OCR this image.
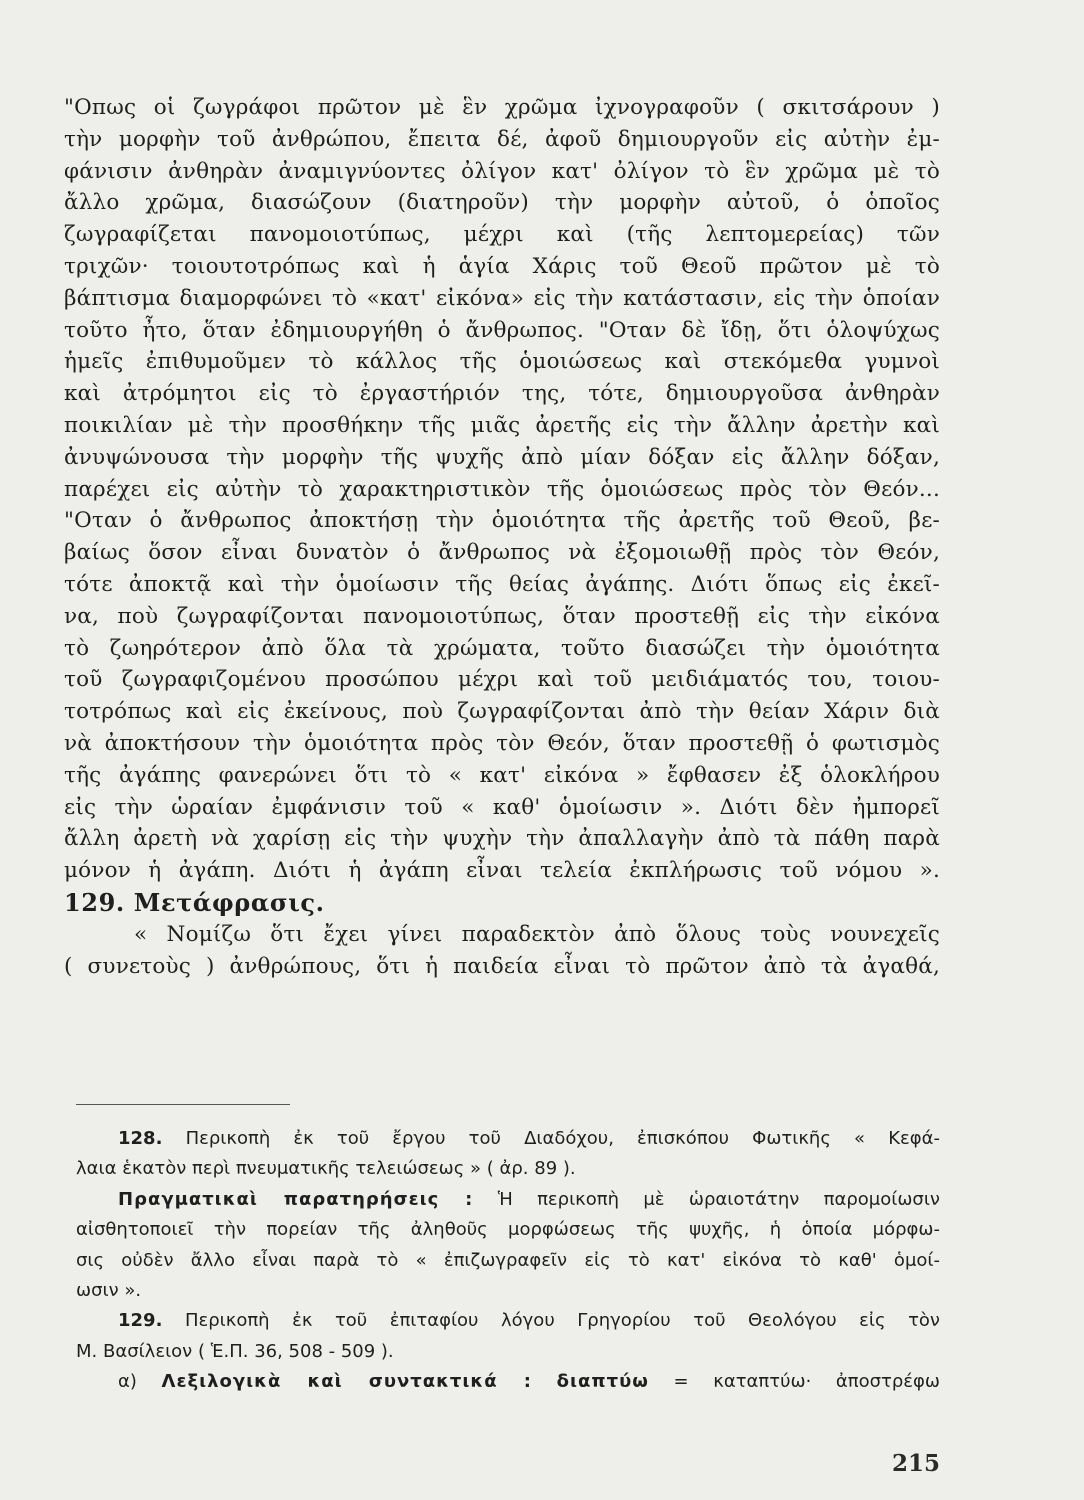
"Οπως οἱ ζωγράφοι πρῶτον μὲ ἓν χρῶμα ἰχνογραφοῦν ( σκιτσάρουν )
τὴν μορφὴν τοῦ ἀνθρώπου, ἔπειτα δέ, ἀφοῦ δημιουργοῦν εἰς αὐτὴν ἐμ-
φάνισιν ἀνθηρὰν ἀναμιγνύοντες ὀλίγον κατ' ὀλίγον τὸ ἓν χρῶμα μὲ τὸ
ἄλλο χρῶμα, διασώζουν (διατηροῦν) τὴν μορφὴν αὐτοῦ, ὁ ὁποῖος
ζωγραφίζεται πανομοιοτύπως, μέχρι καὶ (τῆς λεπτομερείας) τῶν
τριχῶν· τοιουτοτρόπως καὶ ἡ ἁγία Χάρις τοῦ Θεοῦ πρῶτον μὲ τὸ
βάπτισμα διαμορφώνει τὸ «κατ' εἰκόνα» εἰς τὴν κατάστασιν, εἰς τὴν ὁποίαν
τοῦτο ἦτο, ὅταν ἐδημιουργήθη ὁ ἄνθρωπος. "Οταν δὲ ἴδῃ, ὅτι ὁλοψύχως
ἡμεῖς ἐπιθυμοῦμεν τὸ κάλλος τῆς ὁμοιώσεως καὶ στεκόμεθα γυμνοὶ
καὶ ἀτρόμητοι εἰς τὸ ἐργαστήριόν της, τότε, δημιουργοῦσα ἀνθηρὰν
ποικιλίαν μὲ τὴν προσθήκην τῆς μιᾶς ἀρετῆς εἰς τὴν ἄλλην ἀρετὴν καὶ
ἀνυψώνουσα τὴν μορφὴν τῆς ψυχῆς ἀπὸ μίαν δόξαν εἰς ἄλλην δόξαν,
παρέχει εἰς αὐτὴν τὸ χαρακτηριστικὸν τῆς ὁμοιώσεως πρὸς τὸν Θεόν...
"Οταν ὁ ἄνθρωπος ἀποκτήσῃ τὴν ὁμοιότητα τῆς ἀρετῆς τοῦ Θεοῦ, βε-
βαίως ὅσον εἶναι δυνατὸν ὁ ἄνθρωπος νὰ ἐξομοιωθῇ πρὸς τὸν Θεόν,
τότε ἀποκτᾷ καὶ τὴν ὁμοίωσιν τῆς θείας ἀγάπης. Διότι ὅπως εἰς ἐκεῖ-
να, ποὺ ζωγραφίζονται πανομοιοτύπως, ὅταν προστεθῇ εἰς τὴν εἰκόνα
τὸ ζωηρότερον ἀπὸ ὅλα τὰ χρώματα, τοῦτο διασώζει τὴν ὁμοιότητα
τοῦ ζωγραφιζομένου προσώπου μέχρι καὶ τοῦ μειδιάματός του, τοιου-
τοτρόπως καὶ εἰς ἐκείνους, ποὺ ζωγραφίζονται ἀπὸ τὴν θείαν Χάριν διὰ
νὰ ἀποκτήσουν τὴν ὁμοιότητα πρὸς τὸν Θεόν, ὅταν προστεθῇ ὁ φωτισμὸς
τῆς ἀγάπης φανερώνει ὅτι τὸ « κατ' εἰκόνα » ἔφθασεν ἐξ ὁλοκλήρου
εἰς τὴν ὡραίαν ἐμφάνισιν τοῦ « καθ' ὁμοίωσιν ». Διότι δὲν ἠμπορεῖ
ἄλλη ἀρετὴ νὰ χαρίσῃ εἰς τὴν ψυχὴν τὴν ἀπαλλαγὴν ἀπὸ τὰ πάθη παρὰ
μόνον ἡ ἀγάπη. Διότι ἡ ἀγάπη εἶναι τελεία ἐκπλήρωσις τοῦ νόμου ».
129. Μετάφρασις.
« Νομίζω ὅτι ἔχει γίνει παραδεκτὸν ἀπὸ ὅλους τοὺς νουνεχεῖς
( συνετοὺς ) ἀνθρώπους, ὅτι ἡ παιδεία εἶναι τὸ πρῶτον ἀπὸ τὰ ἀγαθά,
128. Περικοπὴ ἐκ τοῦ ἔργου τοῦ Διαδόχου, ἐπισκόπου Φωτικῆς « Κεφά-
λαια ἑκατὸν περὶ πνευματικῆς τελειώσεως » ( ἀρ. 89 ).
Πραγματικαὶ παρατηρήσεις : Ἡ περικοπὴ μὲ ὡραιοτάτην παρομοίωσιν
αἰσθητοποιεῖ τὴν πορείαν τῆς ἀληθοῦς μορφώσεως τῆς ψυχῆς, ἡ ὁποία μόρφω-
σις οὐδὲν ἄλλο εἶναι παρὰ τὸ « ἐπιζωγραφεῖν εἰς τὸ κατ' εἰκόνα τὸ καθ' ὁμοί-
ωσιν ».
129. Περικοπὴ ἐκ τοῦ ἐπιταφίου λόγου Γρηγορίου τοῦ Θεολόγου εἰς τὸν
Μ. Βασίλειον ( Ἑ.Π. 36, 508 - 509 ).
α) Λεξιλογικὰ καὶ συντακτικά : διαπτύω = καταπτύω· ἀποστρέφω
215
